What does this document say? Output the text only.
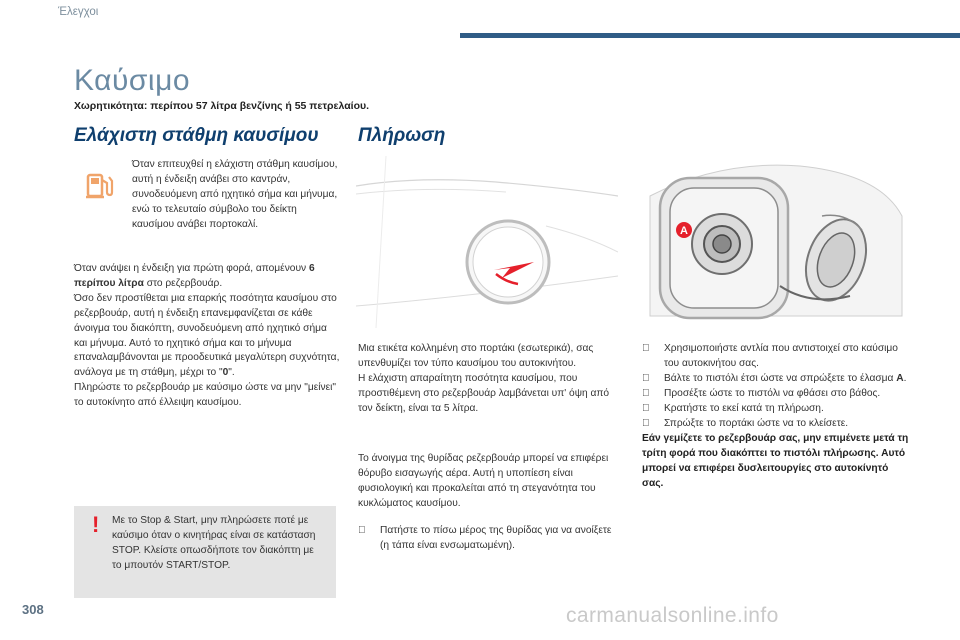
Έλεγχοι
Καύσιμο
Χωρητικότητα: περίπου 57 λίτρα βενζίνης ή 55 πετρελαίου.
Ελάχιστη στάθμη καυσίμου Πλήρωση
Όταν επιτευχθεί η ελάχιστη στάθμη καυσίμου, αυτή η ένδειξη ανάβει στο καντράν, συνοδευόμενη από ηχητικό σήμα και μήνυμα, ενώ το τελευταίο σύμβολο του δείκτη καυσίμου ανάβει πορτοκαλί.
Όταν ανάψει η ένδειξη για πρώτη φορά, απομένουν 6 περίπου λίτρα στο ρεζερβουάρ.
Όσο δεν προστίθεται μια επαρκής ποσότητα καυσίμου στο ρεζερβουάρ, αυτή η ένδειξη επανεμφανίζεται σε κάθε άνοιγμα του διακόπτη, συνοδευόμενη από ηχητικό σήμα και μήνυμα. Αυτό το ηχητικό σήμα και το μήνυμα επαναλαμβάνονται με προοδευτικά μεγαλύτερη συχνότητα, ανάλογα με τη στάθμη, μέχρι το "0".
Πληρώστε το ρεζερβουάρ με καύσιμο ώστε να μην "μείνει" το αυτοκίνητο από έλλειψη καυσίμου.
! Με το Stop & Start, μην πληρώσετε ποτέ με καύσιμο όταν ο κινητήρας είναι σε κατάσταση STOP. Κλείστε οπωσδήποτε τον διακόπτη με το μπουτόν START/STOP.
A
Μια ετικέτα κολλημένη στο πορτάκι (εσωτερικά), σας υπενθυμίζει τον τύπο καυσίμου του αυτοκινήτου.
Η ελάχιστη απαραίτητη ποσότητα καυσίμου, που προστιθέμενη στο ρεζερβουάρ λαμβάνεται υπ' όψη από τον δείκτη, είναι τα 5 λίτρα.
Το άνοιγμα της θυρίδας ρεζερβουάρ μπορεί να επιφέρει θόρυβο εισαγωγής αέρα. Αυτή η υποπίεση είναι φυσιολογική και προκαλείται από τη στεγανότητα του κυκλώματος καυσίμου.
Πατήστε το πίσω μέρος της θυρίδας για να ανοίξετε (η τάπα είναι ενσωματωμένη).
Χρησιμοποιήστε αντλία που αντιστοιχεί στο καύσιμο του αυτοκινήτου σας.
Βάλτε το πιστόλι έτσι ώστε να σπρώξετε το έλασμα A.
Προσέξτε ώστε το πιστόλι να φθάσει στο βάθος.
Κρατήστε το εκεί κατά τη πλήρωση.
Σπρώξτε το πορτάκι ώστε να το κλείσετε.
Εάν γεμίζετε το ρεζερβουάρ σας, μην επιμένετε μετά τη τρίτη φορά που διακόπτει το πιστόλι πλήρωσης. Αυτό μπορεί να επιφέρει δυσλειτουργίες στο αυτοκίνητό σας.
308	carmanualsonline.info
